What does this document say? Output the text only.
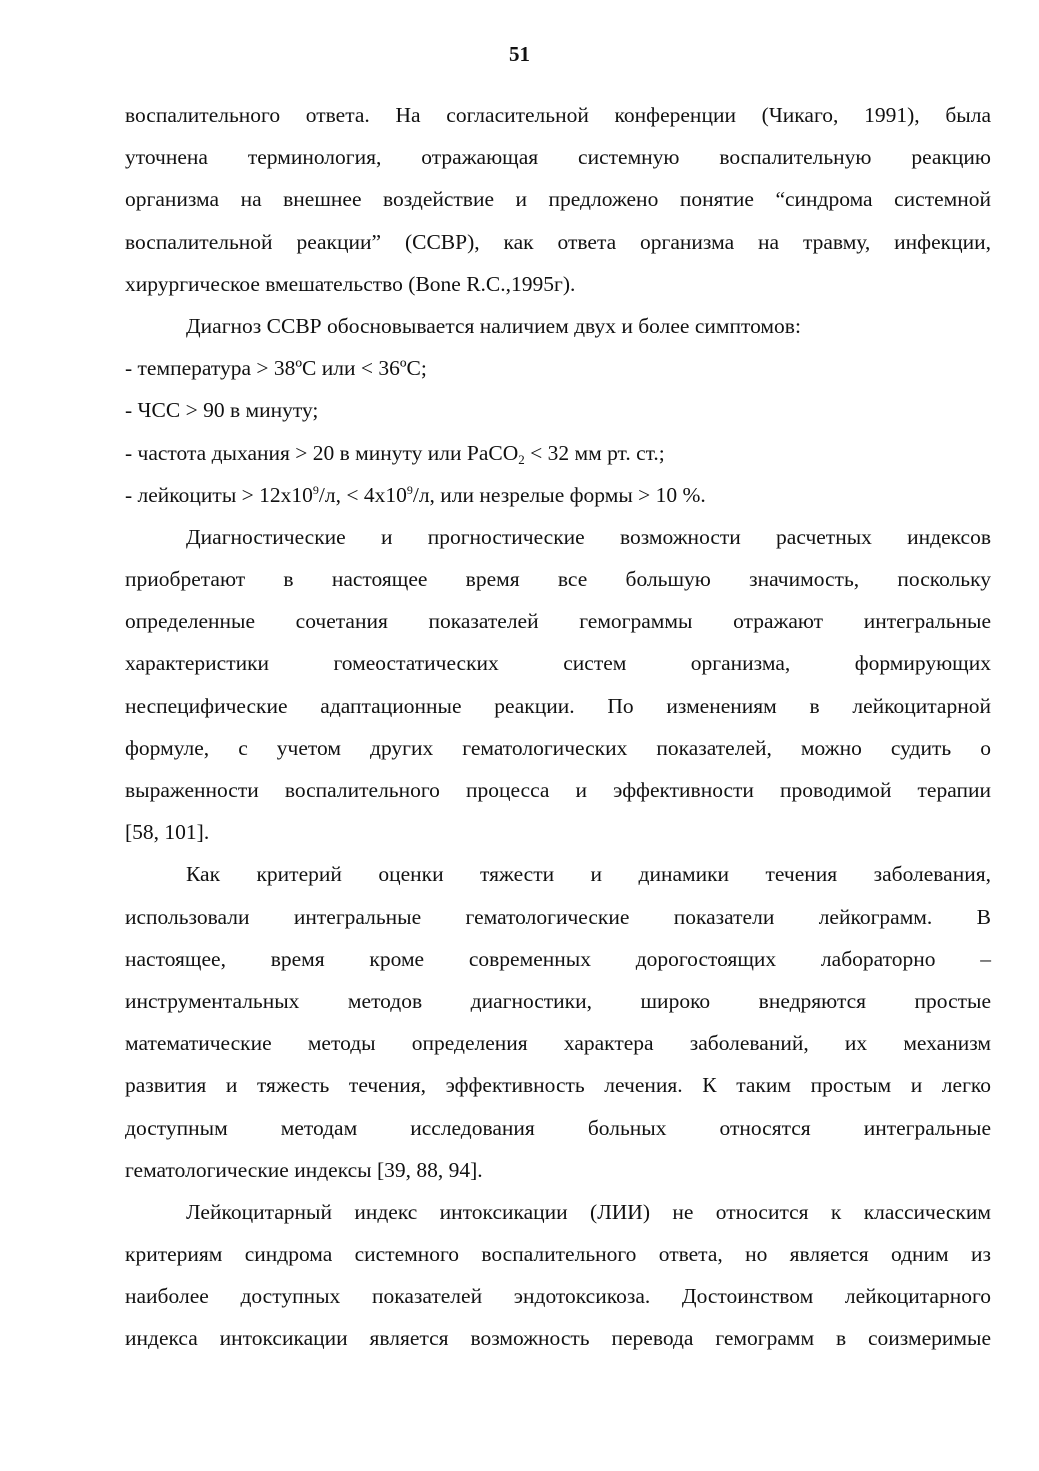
51
воспалительного ответа. На согласительной конференции (Чикаго, 1991), была
уточнена терминология, отражающая системную воспалительную реакцию
организма на внешнее воздействие и предложено понятие “синдрома системной
воспалительной реакции” (ССВР), как ответа организма на травму, инфекции,
хирургическое вмешательство (Bone R.C.,1995г).
Диагноз ССВР обосновывается наличием двух и более симптомов:
- температура > 38ºС или < 36ºС;
- ЧСС > 90 в минуту;
- частота дыхания > 20 в минуту или PaCO$_2$ < 32 мм рт. ст.;
- лейкоциты > $12х10^9/л$, < $4х10^9/л$, или незрелые формы > 10 %.
Диагностические и прогностические возможности расчетных индексов
приобретают в настоящее время все большую значимость, поскольку
определенные сочетания показателей гемограммы отражают интегральные
характеристики гомеостатических систем организма, формирующих
неспецифические адаптационные реакции. По изменениям в лейкоцитарной
формуле, с учетом других гематологических показателей, можно судить о
выраженности воспалительного процесса и эффективности проводимой терапии
[58, 101].
Как критерий оценки тяжести и динамики течения заболевания,
использовали интегральные гематологические показатели лейкограмм. В
настоящее, время кроме современных дорогостоящих лабораторно –
инструментальных методов диагностики, широко внедряются простые
математические методы определения характера заболеваний, их механизм
развития и тяжесть течения, эффективность лечения. К таким простым и легко
доступным методам исследования больных относятся интегральные
гематологические индексы [39, 88, 94].
Лейкоцитарный индекс интоксикации (ЛИИ) не относится к классическим
критериям синдрома системного воспалительного ответа, но является одним из
наиболее доступных показателей эндотоксикоза. Достоинством лейкоцитарного
индекса интоксикации является возможность перевода гемограмм в соизмеримые
